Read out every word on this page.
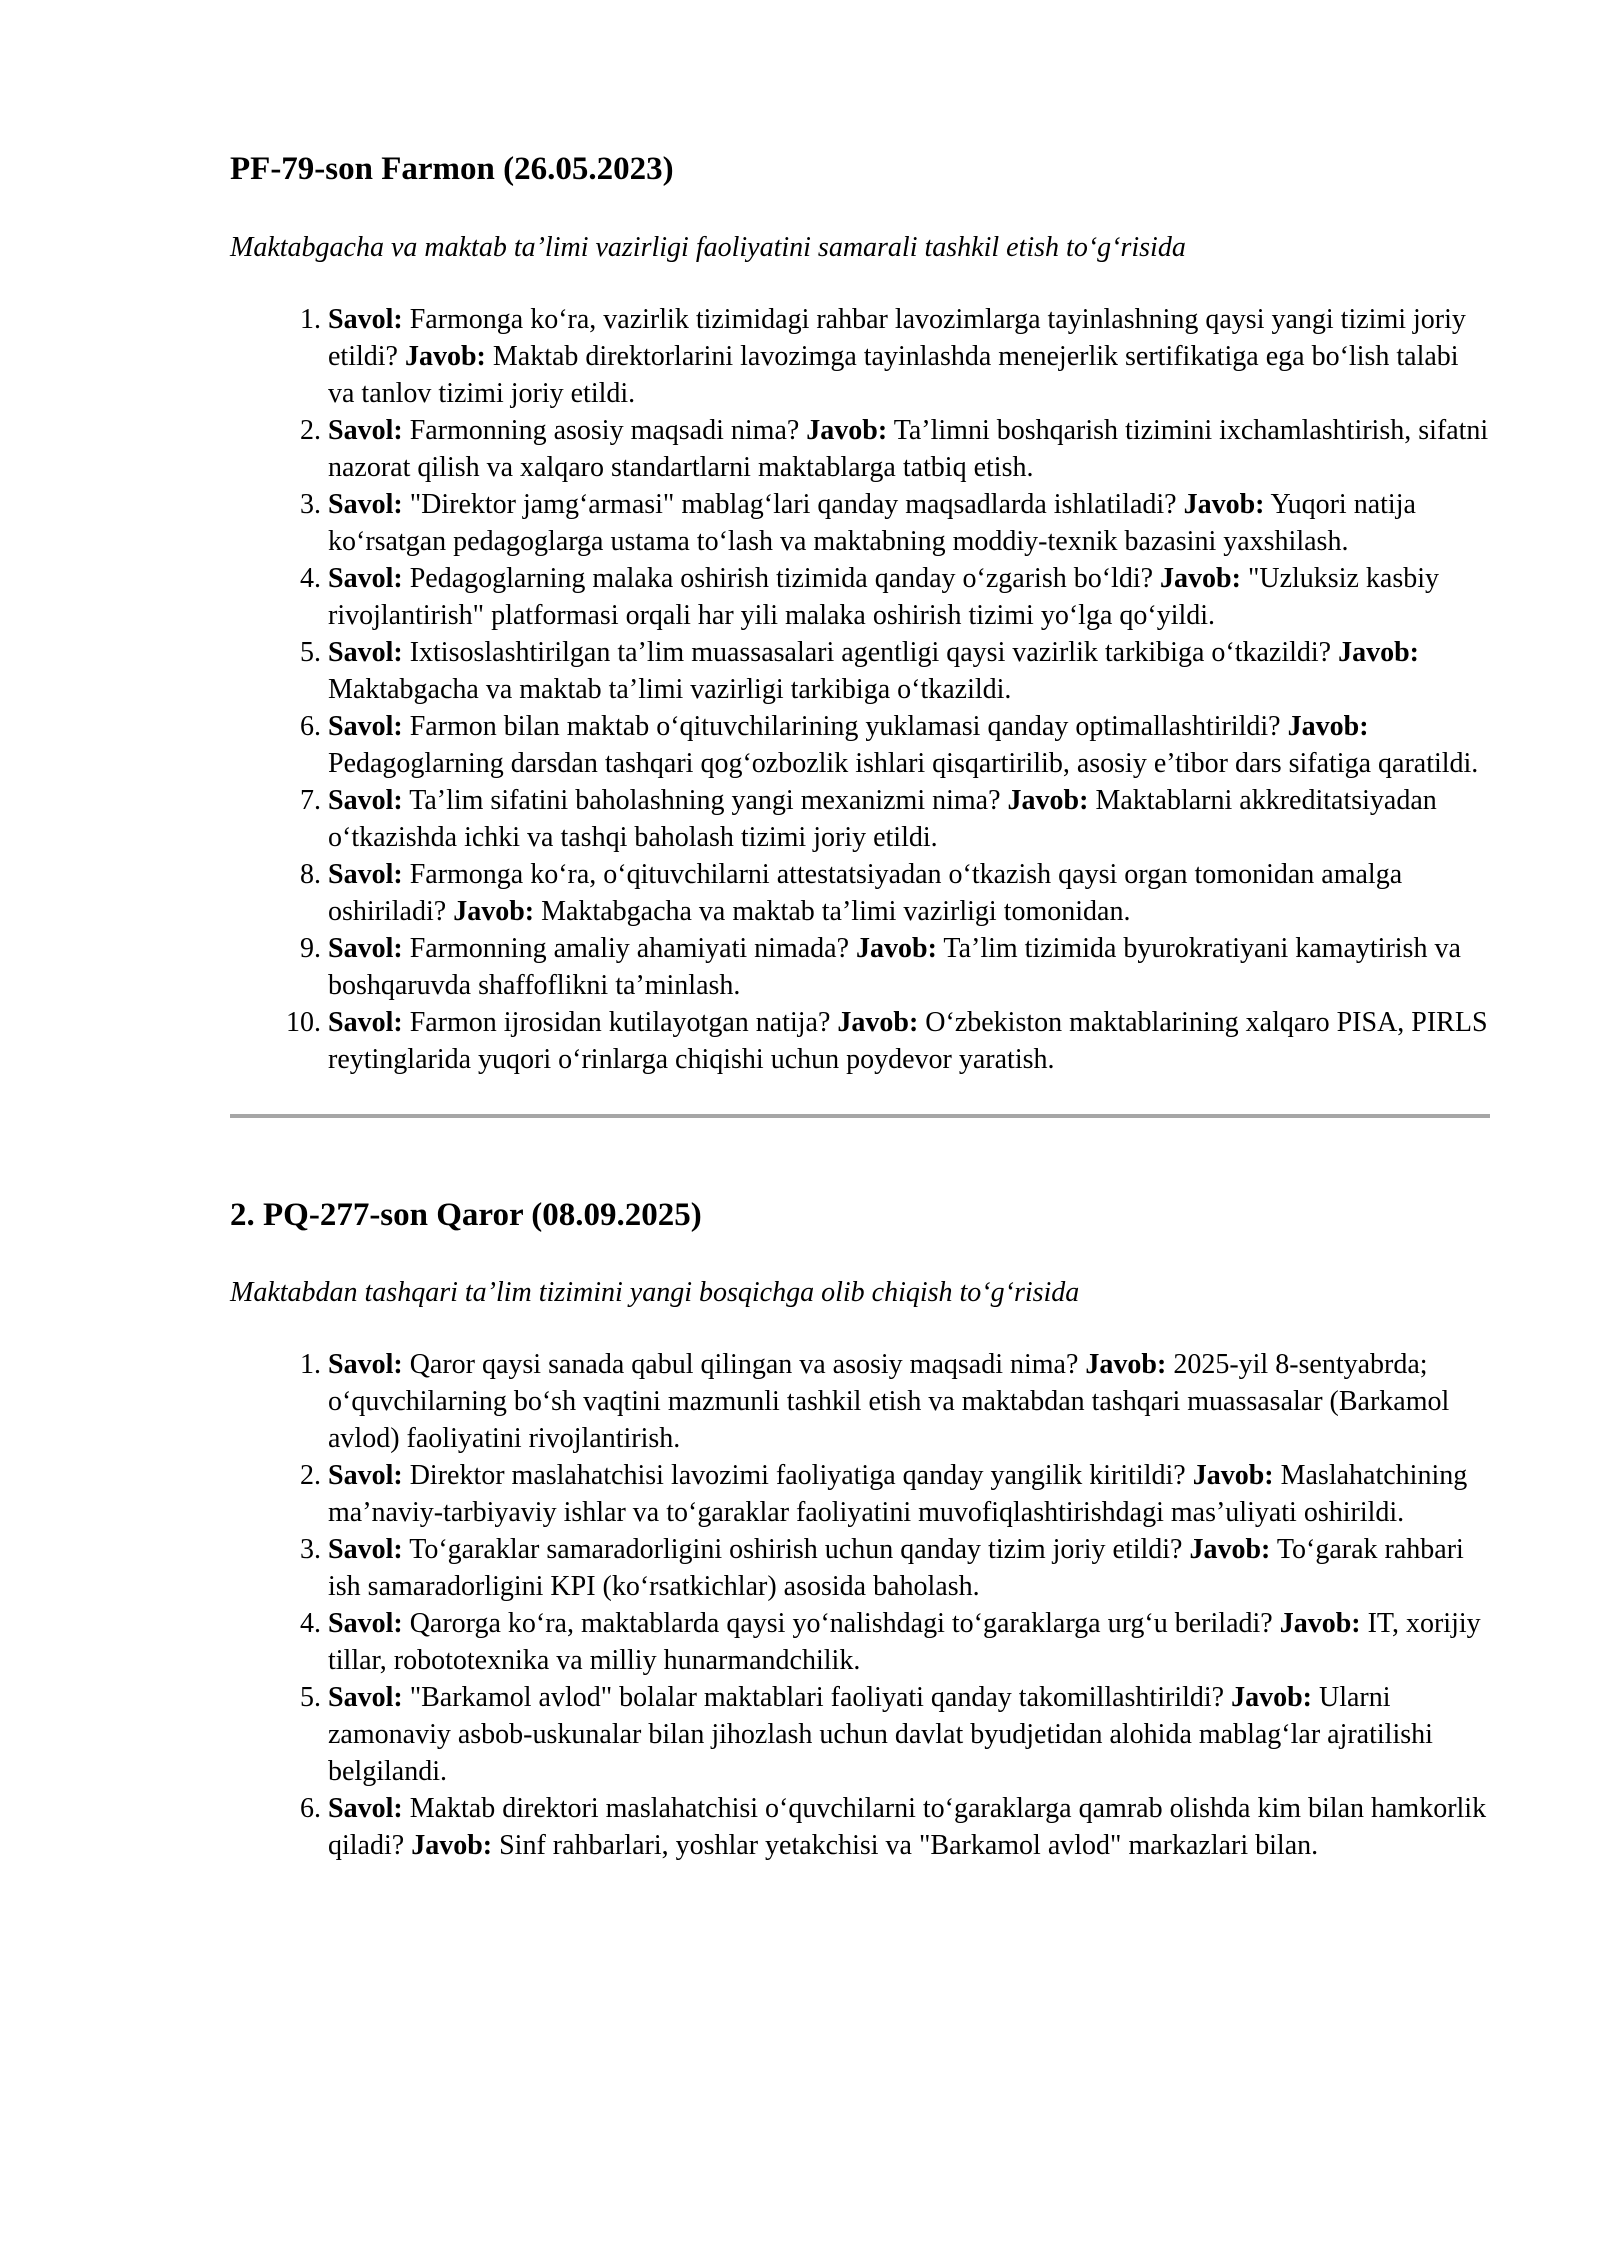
PF-79-son Farmon (26.05.2023)

Maktabgacha va maktab ta’limi vazirligi faoliyatini samarali tashkil etish to‘g‘risida

1. Savol: Farmonga ko‘ra, vazirlik tizimidagi rahbar lavozimlarga tayinlashning qaysi yangi tizimi joriy etildi? Javob: Maktab direktorlarini lavozimga tayinlashda menejerlik sertifikatiga ega bo‘lish talabi va tanlov tizimi joriy etildi.
2. Savol: Farmonning asosiy maqsadi nima? Javob: Ta’limni boshqarish tizimini ixchamlashtirish, sifatni nazorat qilish va xalqaro standartlarni maktablarga tatbiq etish.
3. Savol: "Direktor jamg‘armasi" mablag‘lari qanday maqsadlarda ishlatiladi? Javob: Yuqori natija ko‘rsatgan pedagoglarga ustama to‘lash va maktabning moddiy-texnik bazasini yaxshilash.
4. Savol: Pedagoglarning malaka oshirish tizimida qanday o‘zgarish bo‘ldi? Javob: "Uzluksiz kasbiy rivojlantirish" platformasi orqali har yili malaka oshirish tizimi yo‘lga qo‘yildi.
5. Savol: Ixtisoslashtirilgan ta’lim muassasalari agentligi qaysi vazirlik tarkibiga o‘tkazildi? Javob: Maktabgacha va maktab ta’limi vazirligi tarkibiga o‘tkazildi.
6. Savol: Farmon bilan maktab o‘qituvchilarining yuklamasi qanday optimallashtirildi? Javob: Pedagoglarning darsdan tashqari qog‘ozbozlik ishlari qisqartirilib, asosiy e’tibor dars sifatiga qaratildi.
7. Savol: Ta’lim sifatini baholashning yangi mexanizmi nima? Javob: Maktablarni akkreditatsiyadan o‘tkazishda ichki va tashqi baholash tizimi joriy etildi.
8. Savol: Farmonga ko‘ra, o‘qituvchilarni attestatsiyadan o‘tkazish qaysi organ tomonidan amalga oshiriladi? Javob: Maktabgacha va maktab ta’limi vazirligi tomonidan.
9. Savol: Farmonning amaliy ahamiyati nimada? Javob: Ta’lim tizimida byurokratiyani kamaytirish va boshqaruvda shaffoflikni ta’minlash.
10. Savol: Farmon ijrosidan kutilayotgan natija? Javob: O‘zbekiston maktablarining xalqaro PISA, PIRLS reytinglarida yuqori o‘rinlarga chiqishi uchun poydevor yaratish.
2. PQ-277-son Qaror (08.09.2025)

Maktabdan tashqari ta’lim tizimini yangi bosqichga olib chiqish to‘g‘risida

1. Savol: Qaror qaysi sanada qabul qilingan va asosiy maqsadi nima? Javob: 2025-yil 8-sentyabrda; o‘quvchilarning bo‘sh vaqtini mazmunli tashkil etish va maktabdan tashqari muassasalar (Barkamol avlod) faoliyatini rivojlantirish.
2. Savol: Direktor maslahatchisi lavozimi faoliyatiga qanday yangilik kiritildi? Javob: Maslahatchining ma’naviy-tarbiyaviy ishlar va to‘garaklar faoliyatini muvofiqlashtirishdagi mas’uliyati oshirildi.
3. Savol: To‘garaklar samaradorligini oshirish uchun qanday tizim joriy etildi? Javob: To‘garak rahbari ish samaradorligini KPI (ko‘rsatkichlar) asosida baholash.
4. Savol: Qarorga ko‘ra, maktablarda qaysi yo‘nalishdagi to‘garaklarga urg‘u beriladi? Javob: IT, xorijiy tillar, robototexnika va milliy hunarmandchilik.
5. Savol: "Barkamol avlod" bolalar maktablari faoliyati qanday takomillashtirildi? Javob: Ularni zamonaviy asbob-uskunalar bilan jihozlash uchun davlat byudjetidan alohida mablag‘lar ajratilishi belgilandi.
6. Savol: Maktab direktori maslahatchisi o‘quvchilarni to‘garaklarga qamrab olishda kim bilan hamkorlik qiladi? Javob: Sinf rahbarlari, yoshlar yetakchisi va "Barkamol avlod" markazlari bilan.
